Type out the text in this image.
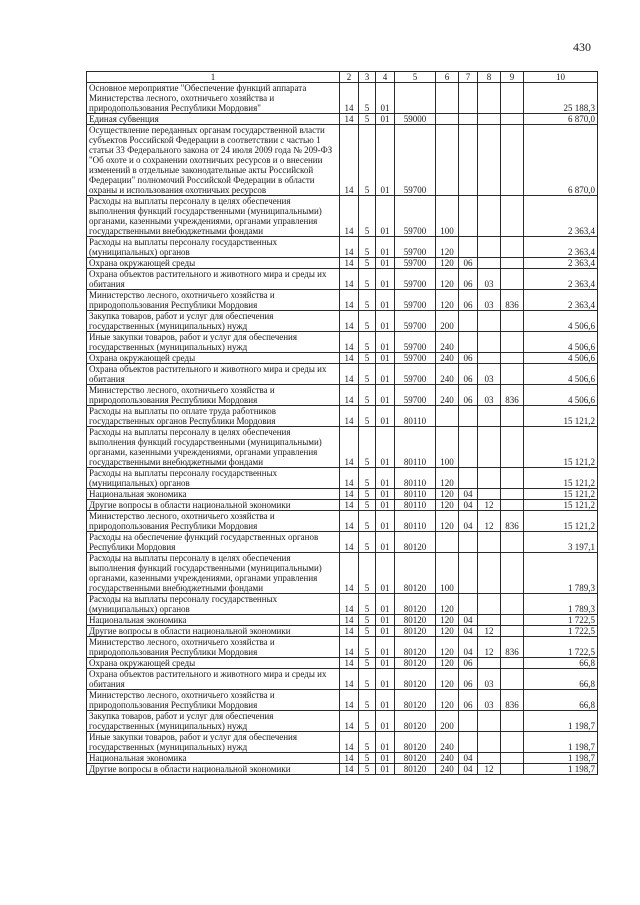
430
1	2	3	4	5	6	7	8	9	10
Основное мероприятие "Обеспечение функций аппарата Министерства лесного, охотничьего хозяйства и природопользования Республики Мордовия"	14	5	01						25 188,3
Единая субвенция	14	5	01	59000					6 870,0
Осуществление переданных органам государственной власти субъектов Российской Федерации в соответствии с частью 1 статьи 33 Федерального закона от 24 июля 2009 года № 209-ФЗ "Об охоте и о сохранении охотничьих ресурсов и о внесении изменений в отдельные законодательные акты Российской Федерации" полномочий Российской Федерации в области охраны и использования охотничьих ресурсов	14	5	01	59700					6 870,0
Расходы на выплаты персоналу в целях обеспечения выполнения функций государственными (муниципальными) органами, казенными учреждениями, органами управления государственными внебюджетными фондами	14	5	01	59700	100				2 363,4
Расходы на выплаты персоналу государственных (муниципальных) органов	14	5	01	59700	120				2 363,4
Охрана окружающей среды	14	5	01	59700	120	06			2 363,4
Охрана объектов растительного и животного мира и среды их обитания	14	5	01	59700	120	06	03		2 363,4
Министерство лесного, охотничьего хозяйства и природопользования Республики Мордовия	14	5	01	59700	120	06	03	836	2 363,4
Закупка товаров, работ и услуг для обеспечения государственных (муниципальных) нужд	14	5	01	59700	200				4 506,6
Иные закупки товаров, работ и услуг для обеспечения государственных (муниципальных) нужд	14	5	01	59700	240				4 506,6
Охрана окружающей среды	14	5	01	59700	240	06			4 506,6
Охрана объектов растительного и животного мира и среды их обитания	14	5	01	59700	240	06	03		4 506,6
Министерство лесного, охотничьего хозяйства и природопользования Республики Мордовия	14	5	01	59700	240	06	03	836	4 506,6
Расходы на выплаты по оплате труда работников государственных органов Республики Мордовия	14	5	01	80110					15 121,2
Расходы на выплаты персоналу в целях обеспечения выполнения функций государственными (муниципальными) органами, казенными учреждениями, органами управления государственными внебюджетными фондами	14	5	01	80110	100				15 121,2
Расходы на выплаты персоналу государственных (муниципальных) органов	14	5	01	80110	120				15 121,2
Национальная экономика	14	5	01	80110	120	04			15 121,2
Другие вопросы в области национальной экономики	14	5	01	80110	120	04	12		15 121,2
Министерство лесного, охотничьего хозяйства и природопользования Республики Мордовия	14	5	01	80110	120	04	12	836	15 121,2
Расходы на обеспечение функций государственных органов Республики Мордовия	14	5	01	80120					3 197,1
Расходы на выплаты персоналу в целях обеспечения выполнения функций государственными (муниципальными) органами, казенными учреждениями, органами управления государственными внебюджетными фондами	14	5	01	80120	100				1 789,3
Расходы на выплаты персоналу государственных (муниципальных) органов	14	5	01	80120	120				1 789,3
Национальная экономика	14	5	01	80120	120	04			1 722,5
Другие вопросы в области национальной экономики	14	5	01	80120	120	04	12		1 722,5
Министерство лесного, охотничьего хозяйства и природопользования Республики Мордовия	14	5	01	80120	120	04	12	836	1 722,5
Охрана окружающей среды	14	5	01	80120	120	06			66,8
Охрана объектов растительного и животного мира и среды их обитания	14	5	01	80120	120	06	03		66,8
Министерство лесного, охотничьего хозяйства и природопользования Республики Мордовия	14	5	01	80120	120	06	03	836	66,8
Закупка товаров, работ и услуг для обеспечения государственных (муниципальных) нужд	14	5	01	80120	200				1 198,7
Иные закупки товаров, работ и услуг для обеспечения государственных (муниципальных) нужд	14	5	01	80120	240				1 198,7
Национальная экономика	14	5	01	80120	240	04			1 198,7
Другие вопросы в области национальной экономики	14	5	01	80120	240	04	12		1 198,7
